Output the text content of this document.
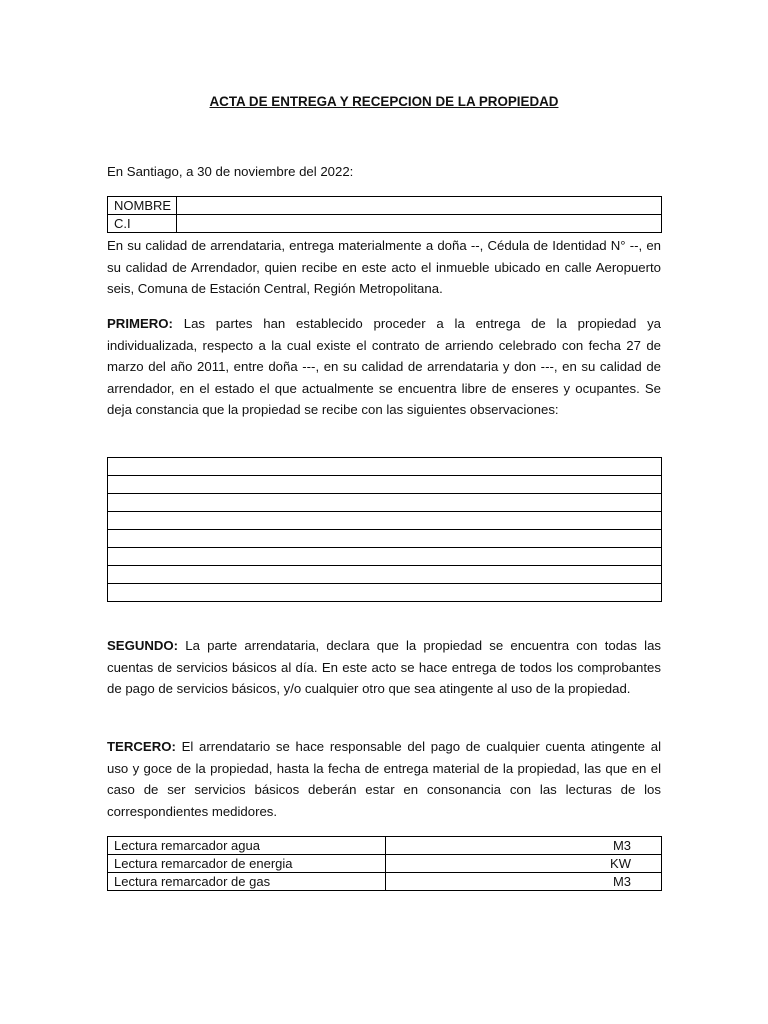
ACTA DE ENTREGA Y RECEPCION DE LA PROPIEDAD
En Santiago, a 30 de noviembre del 2022:
NOMBRE	
C.I	
En su calidad de arrendataria, entrega materialmente a doña --, Cédula de Identidad N° --, en su calidad de Arrendador, quien recibe en este acto el inmueble ubicado en calle Aeropuerto seis, Comuna de Estación Central, Región Metropolitana.
PRIMERO: Las partes han establecido proceder a la entrega de la propiedad ya individualizada, respecto a la cual existe el contrato de arriendo celebrado con fecha 27 de marzo del año 2011, entre doña ---, en su calidad de arrendataria y don ---, en su calidad de arrendador, en el estado el que actualmente se encuentra libre de enseres y ocupantes. Se deja constancia que la propiedad se recibe con las siguientes observaciones:

SEGUNDO: La parte arrendataria, declara que la propiedad se encuentra con todas las cuentas de servicios básicos al día. En este acto se hace entrega de todos los comprobantes de pago de servicios básicos, y/o cualquier otro que sea atingente al uso de la propiedad.
TERCERO: El arrendatario se hace responsable del pago de cualquier cuenta atingente al uso y goce de la propiedad, hasta la fecha de entrega material de la propiedad, las que en el caso de ser servicios básicos deberán estar en consonancia con las lecturas de los correspondientes medidores.
Lectura remarcador agua	M3
Lectura remarcador de energia	KW
Lectura remarcador de gas	M3
